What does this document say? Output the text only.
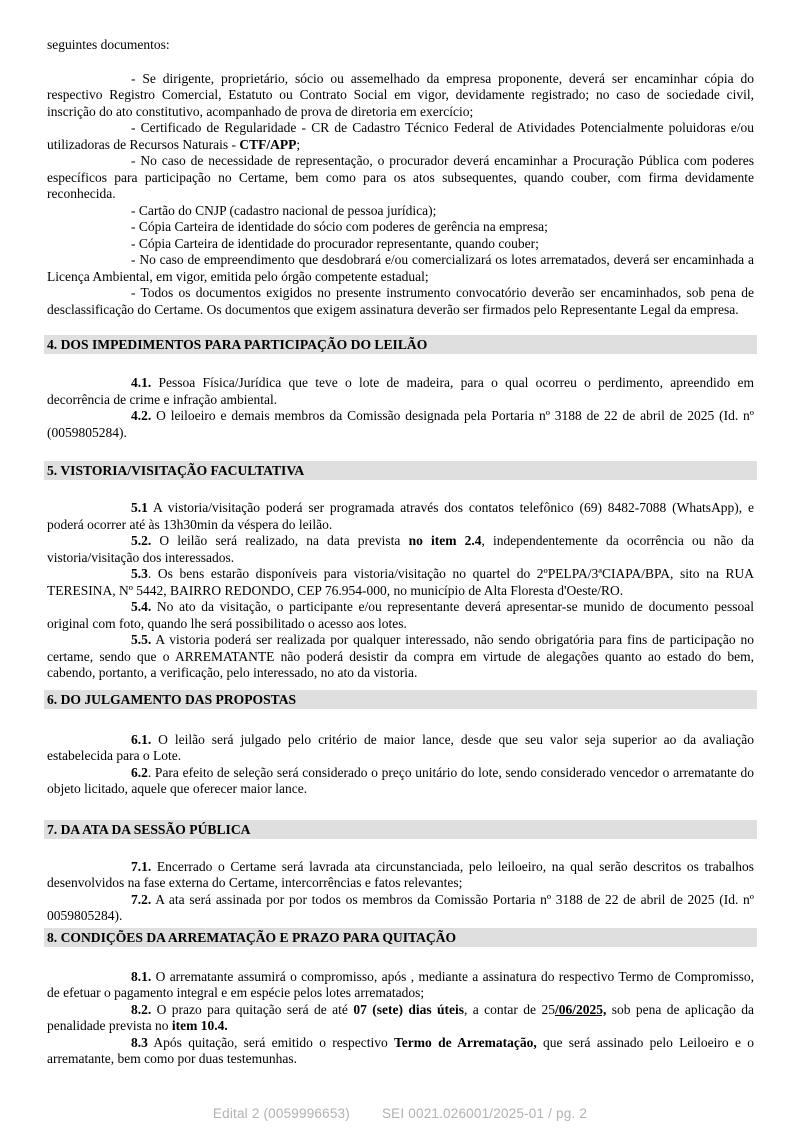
seguintes documentos:
- Se dirigente, proprietário, sócio ou assemelhado da empresa proponente, deverá ser encaminhar cópia do respectivo Registro Comercial, Estatuto ou Contrato Social em vigor, devidamente registrado; no caso de sociedade civil, inscrição do ato constitutivo, acompanhado de prova de diretoria em exercício;
- Certificado de Regularidade - CR de Cadastro Técnico Federal de Atividades Potencialmente poluidoras e/ou utilizadoras de Recursos Naturais - CTF/APP;
- No caso de necessidade de representação, o procurador deverá encaminhar a Procuração Pública com poderes específicos para participação no Certame, bem como para os atos subsequentes, quando couber, com firma devidamente reconhecida.
- Cartão do CNJP (cadastro nacional de pessoa jurídica);
- Cópia Carteira de identidade do sócio com poderes de gerência na empresa;
- Cópia Carteira de identidade do procurador representante, quando couber;
- No caso de empreendimento que desdobrará e/ou comercializará os lotes arrematados, deverá ser encaminhada a Licença Ambiental, em vigor, emitida pelo órgão competente estadual;
- Todos os documentos exigidos no presente instrumento convocatório deverão ser encaminhados, sob pena de desclassificação do Certame. Os documentos que exigem assinatura deverão ser firmados pelo Representante Legal da empresa.
4. DOS IMPEDIMENTOS PARA PARTICIPAÇÃO DO LEILÃO
4.1. Pessoa Física/Jurídica que teve o lote de madeira, para o qual ocorreu o perdimento, apreendido em decorrência de crime e infração ambiental.
4.2. O leiloeiro e demais membros da Comissão designada pela Portaria nº 3188 de 22 de abril de 2025 (Id. nº (0059805284).
5. VISTORIA/VISITAÇÃO FACULTATIVA
5.1 A vistoria/visitação poderá ser programada através dos contatos telefônico (69) 8482-7088 (WhatsApp), e poderá ocorrer até às 13h30min da véspera do leilão.
5.2. O leilão será realizado, na data prevista no item 2.4, independentemente da ocorrência ou não da vistoria/visitação dos interessados.
5.3. Os bens estarão disponíveis para vistoria/visitação no quartel do 2ºPELPA/3ªCIAPA/BPA, sito na RUA TERESINA, Nº 5442, BAIRRO REDONDO, CEP 76.954-000, no município de Alta Floresta d'Oeste/RO.
5.4. No ato da visitação, o participante e/ou representante deverá apresentar-se munido de documento pessoal original com foto, quando lhe será possibilitado o acesso aos lotes.
5.5. A vistoria poderá ser realizada por qualquer interessado, não sendo obrigatória para fins de participação no certame, sendo que o ARREMATANTE não poderá desistir da compra em virtude de alegações quanto ao estado do bem, cabendo, portanto, a verificação, pelo interessado, no ato da vistoria.
6. DO JULGAMENTO DAS PROPOSTAS
6.1. O leilão será julgado pelo critério de maior lance, desde que seu valor seja superior ao da avaliação estabelecida para o Lote.
6.2. Para efeito de seleção será considerado o preço unitário do lote, sendo considerado vencedor o arrematante do objeto licitado, aquele que oferecer maior lance.
7. DA ATA DA SESSÃO PÚBLICA
7.1. Encerrado o Certame será lavrada ata circunstanciada, pelo leiloeiro, na qual serão descritos os trabalhos desenvolvidos na fase externa do Certame, intercorrências e fatos relevantes;
7.2. A ata será assinada por por todos os membros da Comissão Portaria nº 3188 de 22 de abril de 2025 (Id. nº 0059805284).
8. CONDIÇÕES DA ARREMATAÇÃO E PRAZO PARA QUITAÇÃO
8.1. O arrematante assumirá o compromisso, após , mediante a assinatura do respectivo Termo de Compromisso, de efetuar o pagamento integral e em espécie pelos lotes arrematados;
8.2. O prazo para quitação será de até 07 (sete) dias úteis, a contar de 25/06/2025, sob pena de aplicação da penalidade prevista no item 10.4.
8.3 Após quitação, será emitido o respectivo Termo de Arrematação, que será assinado pelo Leiloeiro e o arrematante, bem como por duas testemunhas.
Edital 2 (0059996653) SEI 0021.026001/2025-01 / pg. 2
